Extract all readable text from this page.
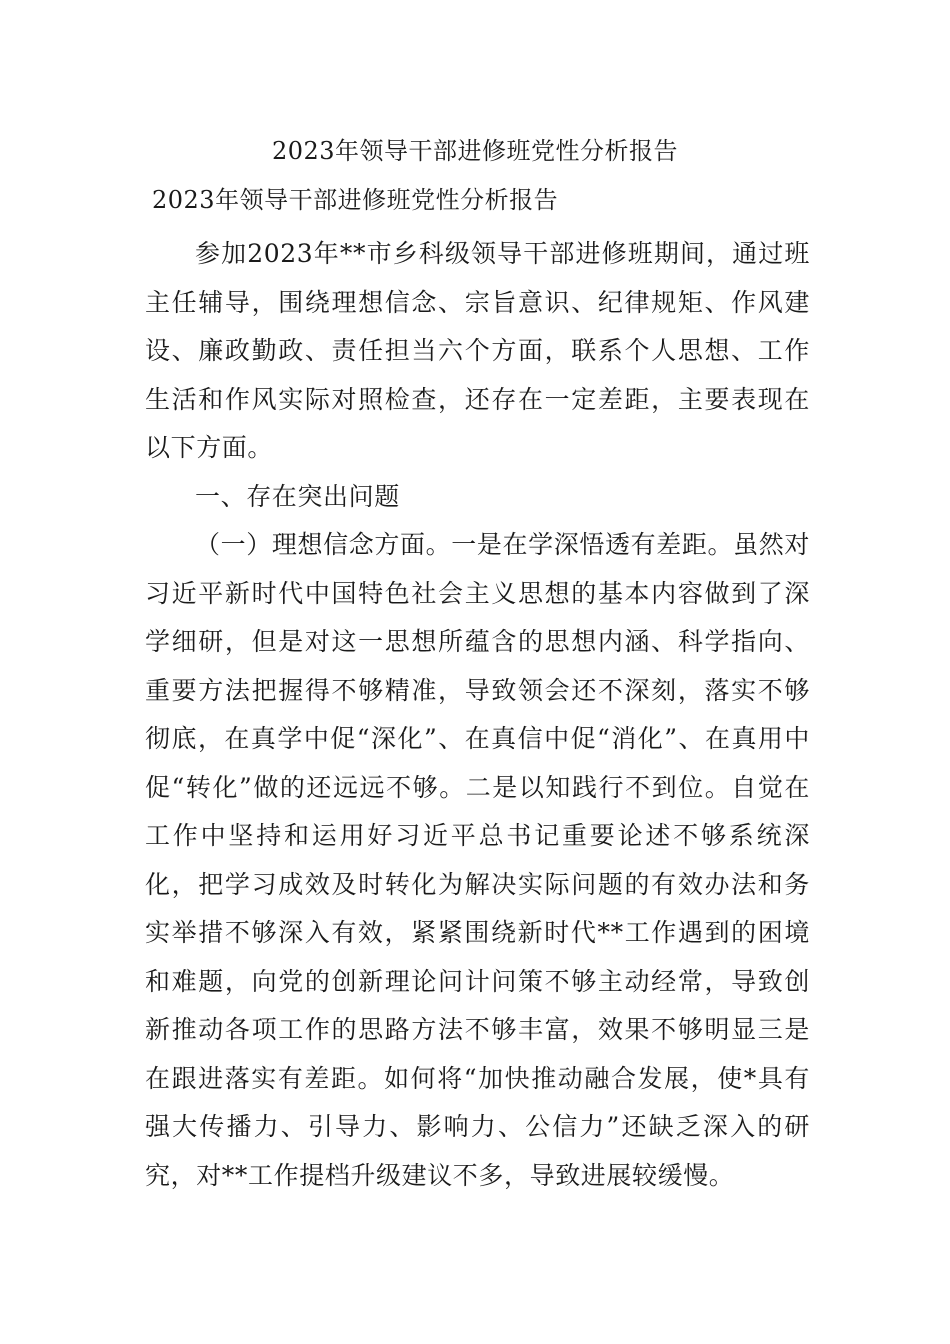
2023年领导干部进修班党性分析报告
2023年领导干部进修班党性分析报告

参加2023年**市乡科级领导干部进修班期间，通过班主任辅导，围绕理想信念、宗旨意识、纪律规矩、作风建设、廉政勤政、责任担当六个方面，联系个人思想、工作生活和作风实际对照检查，还存在一定差距，主要表现在以下方面。

一、存在突出问题

（一）理想信念方面。一是在学深悟透有差距。虽然对习近平新时代中国特色社会主义思想的基本内容做到了深学细研，但是对这一思想所蕴含的思想内涵、科学指向、重要方法把握得不够精准，导致领会还不深刻，落实不够彻底，在真学中促“深化”、在真信中促“消化”、在真用中促“转化”做的还远远不够。二是以知践行不到位。自觉在工作中坚持和运用好习近平总书记重要论述不够系统深化，把学习成效及时转化为解决实际问题的有效办法和务实举措不够深入有效，紧紧围绕新时代**工作遇到的困境和难题，向党的创新理论问计问策不够主动经常，导致创新推动各项工作的思路方法不够丰富，效果不够明显三是在跟进落实有差距。如何将“加快推动融合发展，使*具有强大传播力、引导力、影响力、公信力”还缺乏深入的研究，对**工作提档升级建议不多，导致进展较缓慢。
